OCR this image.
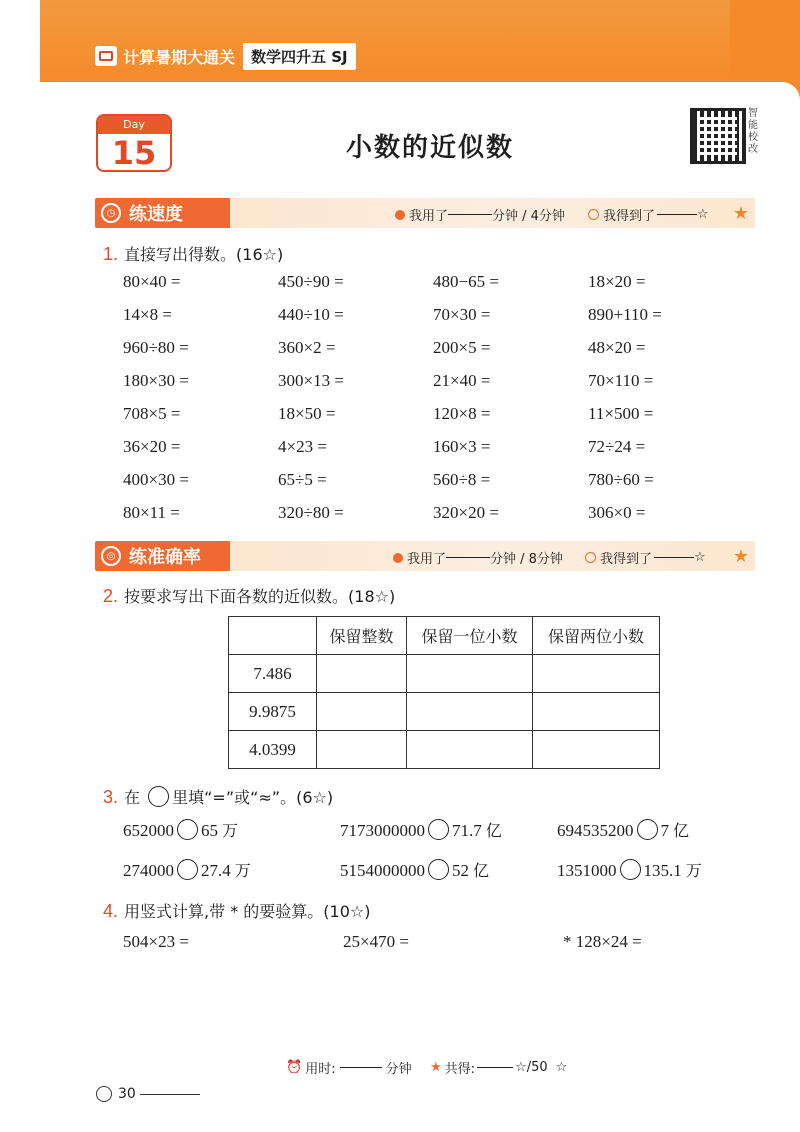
计算暑期大通关	数学四升五 SJ
Day
15	小数的近似数
智能校改
◷ 练速度	我用了	分钟 / 4分钟	我得到了	☆ ★
1. 直接写出得数。(16☆)
80×40 =	450÷90 =	480−65 =	18×20 =
14×8 =	440÷10 =	70×30 =	890+110 =
960÷80 =	360×2 =	200×5 =	48×20 =
180×30 =	300×13 =	21×40 =	70×110 =
708×5 =	18×50 =	120×8 =	11×500 =
36×20 =	4×23 =	160×3 =	72÷24 =
400×30 =	65÷5 =	560÷8 =	780÷60 =
80×11 =	320÷80 =	320×20 =	306×0 =
◎ 练准确率	我用了	分钟 / 8分钟	我得到了	☆ ★
2. 按要求写出下面各数的近似数。(18☆)
	保留整数	保留一位小数	保留两位小数
7.486			
9.9875			
4.0399			
3. 在 里填“=”或“≈”。(6☆)
652000 65 万	7173000000 71.7 亿	694535200 7 亿
274000 27.4 万	5154000000 52 亿	1351000 135.1 万
4. 用竖式计算,带 * 的要验算。(10☆)
504×23 =	25×470 =	* 128×24 =
⏰ 用时:	分钟 ★ 共得:	☆/50 ☆
30
